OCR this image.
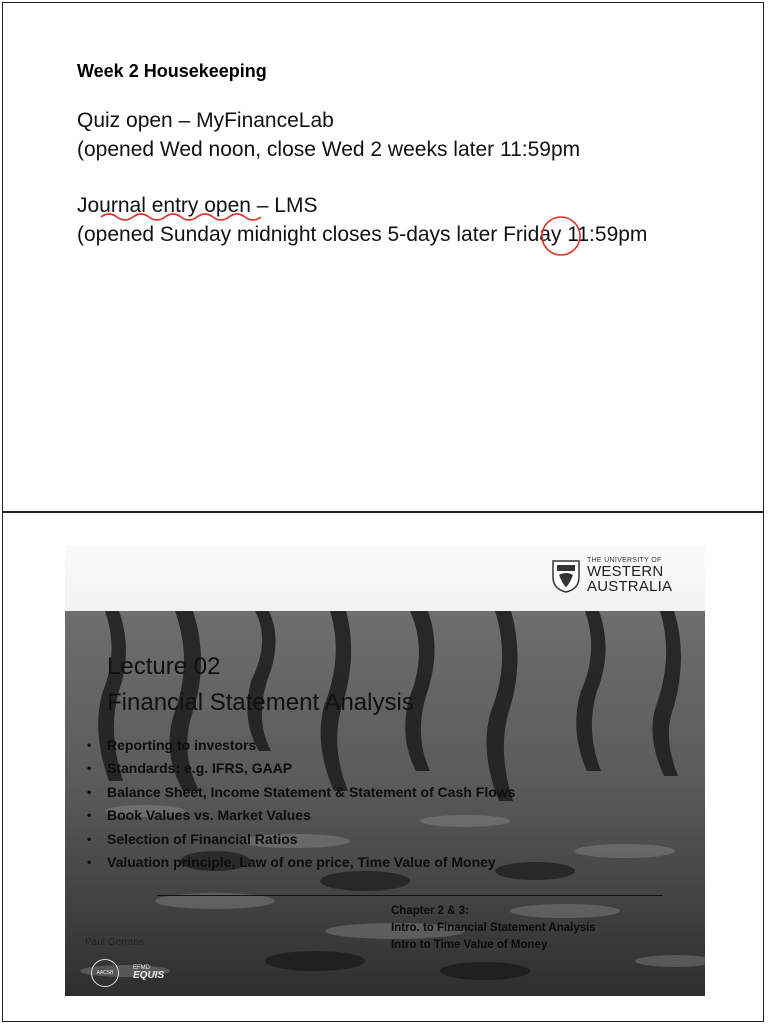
Week 2 Housekeeping
Quiz open – MyFinanceLab
(opened Wed noon, close Wed 2 weeks later 11:59pm
Journal entry open – LMS
(opened Sunday midnight closes 5-days later Friday 11:59pm
THE UNIVERSITY OF
WESTERN
AUSTRALIA
Lecture 02
Financial Statement Analysis
•	Reporting to investors
•	Standards: e.g. IFRS, GAAP
•	Balance Sheet, Income Statement & Statement of Cash Flows
•	Book Values vs. Market Values
•	Selection of Financial Ratios
•	Valuation principle, Law of one price, Time Value of Money
Chapter 2 & 3:
Intro. to Financial Statement Analysis
Intro to Time Value of Money
Paul Gerrans
AACSB
EFMD
EQUIS
